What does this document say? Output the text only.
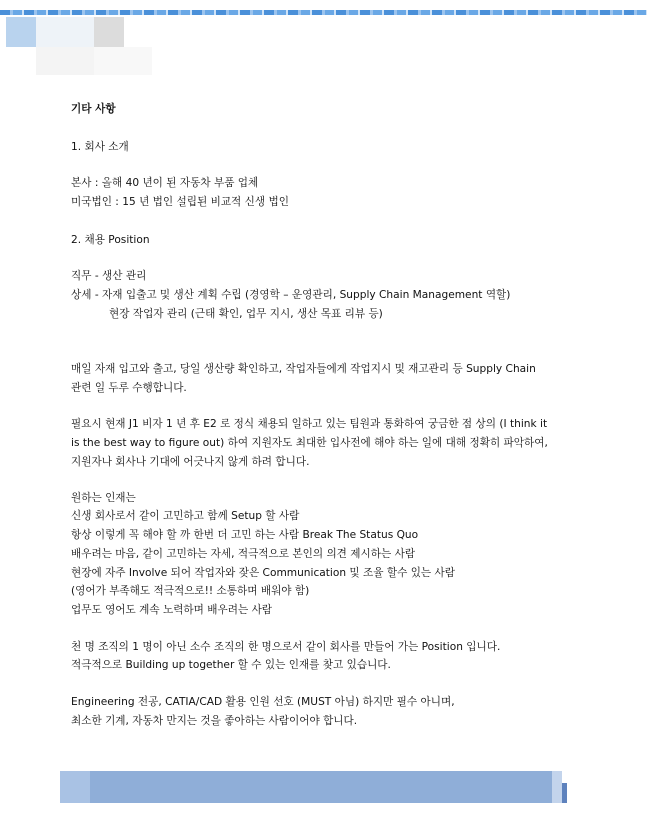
기타 사항
1. 회사 소개
본사 : 올해 40 년이 된 자동차 부품 업체
미국법인 : 15 년 법인 설립된 비교적 신생 법인
2. 채용 Position
직무 - 생산 관리
상세 - 자재 입출고 및 생산 계획 수립 (경영학 – 운영관리, Supply Chain Management 역할)
현장 작업자 관리 (근태 확인, 업무 지시, 생산 목표 리뷰 등)
매일 자재 입고와 출고, 당일 생산량 확인하고, 작업자들에게 작업지시 및 재고관리 등 Supply Chain
관련 일 두루 수행합니다.
필요시 현재 J1 비자 1 년 후 E2 로 정식 채용되 일하고 있는 팀원과 통화하여 궁금한 점 상의 (I think it
is the best way to figure out) 하여 지원자도 최대한 입사전에 해야 하는 일에 대해 정확히 파악하여,
지원자나 회사나 기대에 어긋나지 않게 하려 합니다.
원하는 인재는
신생 회사로서 같이 고민하고 함께 Setup 할 사람
항상 이렇게 꼭 해야 할 까 한번 더 고민 하는 사람 Break The Status Quo
배우려는 마음, 같이 고민하는 자세, 적극적으로 본인의 의견 제시하는 사람
현장에 자주 Involve 되어 작업자와 잦은 Communication 및 조율 할수 있는 사람
(영어가 부족해도 적극적으로!! 소통하며 배워야 함)
업무도 영어도 계속 노력하며 배우려는 사람
천 명 조직의 1 명이 아닌 소수 조직의 한 명으로서 같이 회사를 만들어 가는 Position 입니다.
적극적으로 Building up together 할 수 있는 인재를 찾고 있습니다.
Engineering 전공, CATIA/CAD 활용 인원 선호 (MUST 아님) 하지만 필수 아니며,
최소한 기계, 자동차 만지는 것을 좋아하는 사람이어야 합니다.
